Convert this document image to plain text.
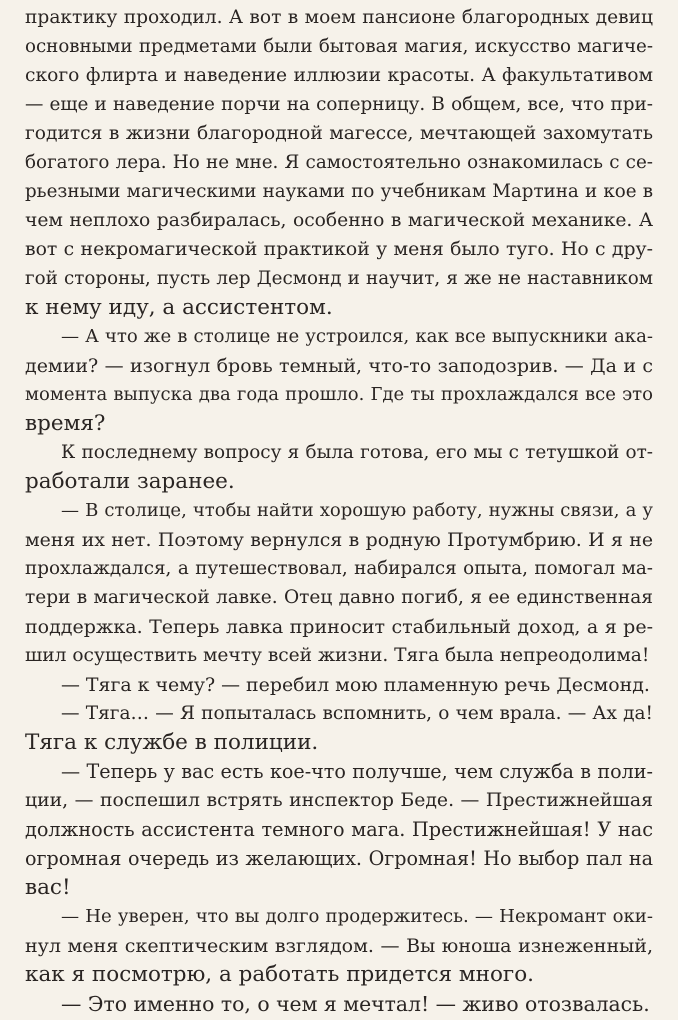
практику проходил. А вот в моем пансионе благородных девиц
основными предметами были бытовая магия, искусство магиче-
ского флирта и наведение иллюзии красоты. А факультативом
— еще и наведение порчи на соперницу. В общем, все, что при-
годится в жизни благородной магессе, мечтающей захомутать
богатого лера. Но не мне. Я самостоятельно ознакомилась с се-
рьезными магическими науками по учебникам Мартина и кое в
чем неплохо разбиралась, особенно в магической механике. А
вот с некромагической практикой у меня было туго. Но с дру-
гой стороны, пусть лер Десмонд и научит, я же не наставником
к нему иду, а ассистентом.
— А что же в столице не устроился, как все выпускники ака-
демии? — изогнул бровь темный, что-то заподозрив. — Да и с
момента выпуска два года прошло. Где ты прохлаждался все это
время?
К последнему вопросу я была готова, его мы с тетушкой от-
работали заранее.
— В столице, чтобы найти хорошую работу, нужны связи, а у
меня их нет. Поэтому вернулся в родную Протумбрию. И я не
прохлаждался, а путешествовал, набирался опыта, помогал ма-
тери в магической лавке. Отец давно погиб, я ее единственная
поддержка. Теперь лавка приносит стабильный доход, а я ре-
шил осуществить мечту всей жизни. Тяга была непреодолима!
— Тяга к чему? — перебил мою пламенную речь Десмонд.
— Тяга… — Я попыталась вспомнить, о чем врала. — Ах да!
Тяга к службе в полиции.
— Теперь у вас есть кое-что получше, чем служба в поли-
ции, — поспешил встрять инспектор Беде. — Престижнейшая
должность ассистента темного мага. Престижнейшая! У нас
огромная очередь из желающих. Огромная! Но выбор пал на
вас!
— Не уверен, что вы долго продержитесь. — Некромант оки-
нул меня скептическим взглядом. — Вы юноша изнеженный,
как я посмотрю, а работать придется много.
— Это именно то, о чем я мечтал! — живо отозвалась.
